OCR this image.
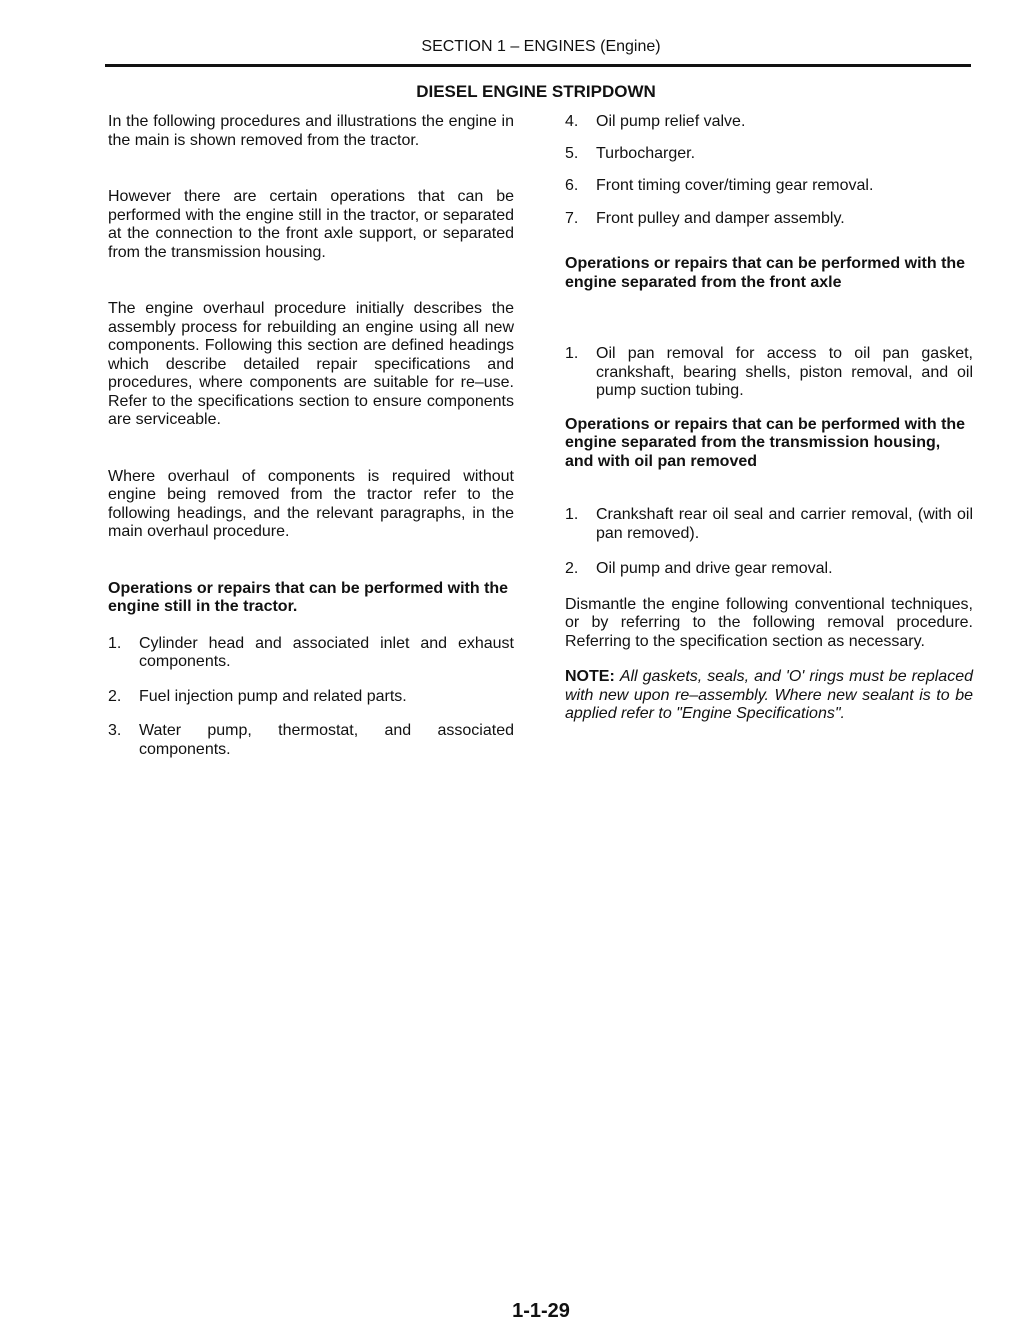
SECTION 1 – ENGINES (Engine)
DIESEL ENGINE STRIPDOWN

In the following procedures and illustrations the engine in the main is shown removed from the tractor.

However there are certain operations that can be performed with the engine still in the tractor, or separated at the connection to the front axle support, or separated from the transmission housing.

The engine overhaul procedure initially describes the assembly process for rebuilding an engine using all new components. Following this section are defined headings which describe detailed repair specifications and procedures, where components are suitable for re–use. Refer to the specifications section to ensure components are serviceable.

Where overhaul of components is required without engine being removed from the tractor refer to the following headings, and the relevant paragraphs, in the main overhaul procedure.

Operations or repairs that can be performed with the engine still in the tractor.

1.	Cylinder head and associated inlet and exhaust components.
2.	Fuel injection pump and related parts.
3.	Water pump, thermostat, and associated components.
4.	Oil pump relief valve.
5.	Turbocharger.
6.	Front timing cover/timing gear removal.
7.	Front pulley and damper assembly.

Operations or repairs that can be performed with the engine separated from the front axle

1.	Oil pan removal for access to oil pan gasket, crankshaft, bearing shells, piston removal, and oil pump suction tubing.

Operations or repairs that can be performed with the engine separated from the transmission housing, and with oil pan removed

1.	Crankshaft rear oil seal and carrier removal, (with oil pan removed).
2.	Oil pump and drive gear removal.

Dismantle the engine following conventional techniques, or by referring to the following removal procedure. Referring to the specification section as necessary.

NOTE: All gaskets, seals, and 'O' rings must be replaced with new upon re–assembly. Where new sealant is to be applied refer to "Engine Specifications".

1-1-29
